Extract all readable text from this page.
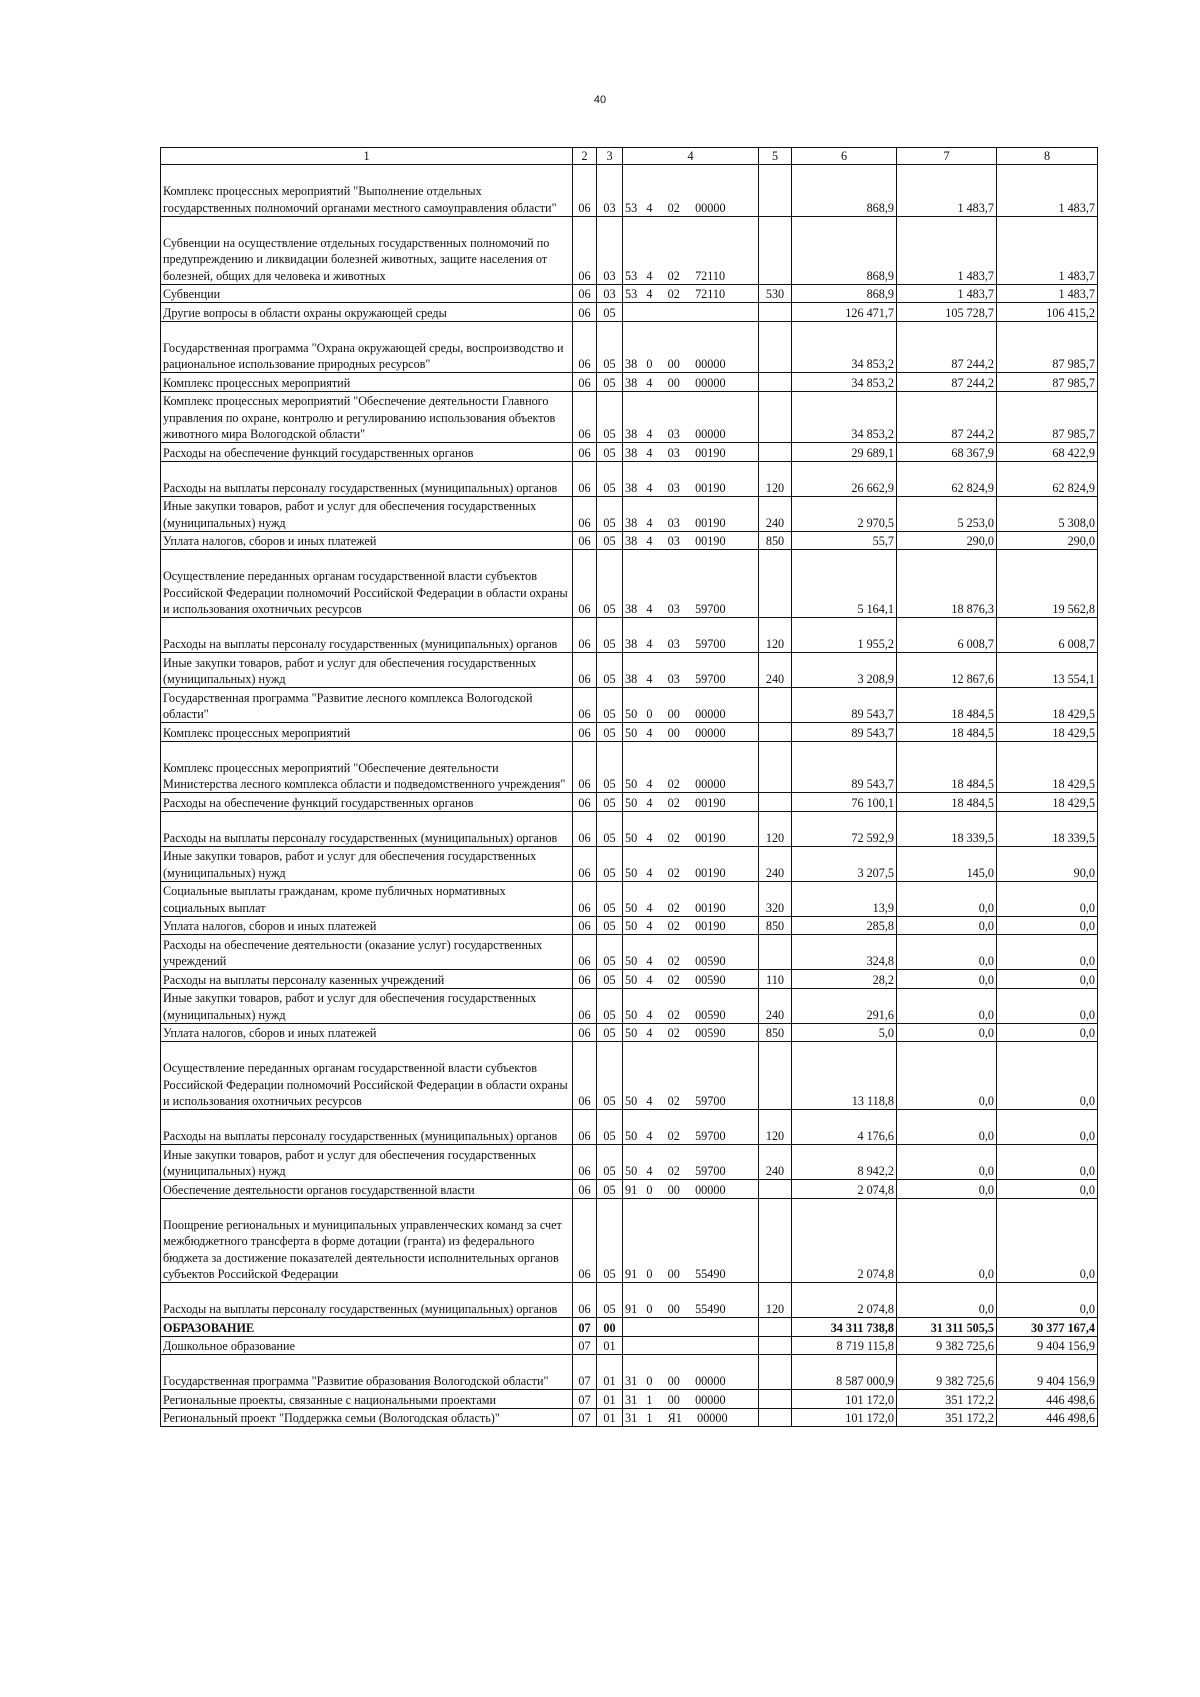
40
1	2	3	4	5	6	7	8
Комплекс процессных мероприятий "Выполнение отдельных государственных полномочий органами местного самоуправления области"	06	03	53   4     02     00000		868,9	1 483,7	1 483,7
Субвенции на осуществление отдельных государственных полномочий по предупреждению и ликвидации болезней животных, защите населения от болезней, общих для человека и животных	06	03	53   4     02     72110		868,9	1 483,7	1 483,7
Субвенции	06	03	53   4     02     72110	530	868,9	1 483,7	1 483,7
Другие вопросы в области охраны окружающей среды	06	05			126 471,7	105 728,7	106 415,2
Государственная программа "Охрана окружающей среды, воспроизводство и рациональное использование природных ресурсов"	06	05	38   0     00     00000		34 853,2	87 244,2	87 985,7
Комплекс процессных мероприятий	06	05	38   4     00     00000		34 853,2	87 244,2	87 985,7
Комплекс процессных мероприятий "Обеспечение деятельности Главного управления по охране, контролю и регулированию использования объектов животного мира Вологодской области"	06	05	38   4     03     00000		34 853,2	87 244,2	87 985,7
Расходы на обеспечение функций государственных органов	06	05	38   4     03     00190		29 689,1	68 367,9	68 422,9
Расходы на выплаты персоналу государственных (муниципальных) органов	06	05	38   4     03     00190	120	26 662,9	62 824,9	62 824,9
Иные закупки товаров, работ и услуг для обеспечения государственных (муниципальных) нужд	06	05	38   4     03     00190	240	2 970,5	5 253,0	5 308,0
Уплата налогов, сборов и иных платежей	06	05	38   4     03     00190	850	55,7	290,0	290,0
Осуществление переданных органам государственной власти субъектов Российской Федерации полномочий Российской Федерации в области охраны и использования охотничьих ресурсов	06	05	38   4     03     59700		5 164,1	18 876,3	19 562,8
Расходы на выплаты персоналу государственных (муниципальных) органов	06	05	38   4     03     59700	120	1 955,2	6 008,7	6 008,7
Иные закупки товаров, работ и услуг для обеспечения государственных (муниципальных) нужд	06	05	38   4     03     59700	240	3 208,9	12 867,6	13 554,1
Государственная программа "Развитие лесного комплекса Вологодской области"	06	05	50   0     00     00000		89 543,7	18 484,5	18 429,5
Комплекс процессных мероприятий	06	05	50   4     00     00000		89 543,7	18 484,5	18 429,5
Комплекс процессных мероприятий "Обеспечение деятельности Министерства лесного комплекса области и подведомственного учреждения"	06	05	50   4     02     00000		89 543,7	18 484,5	18 429,5
Расходы на обеспечение функций государственных органов	06	05	50   4     02     00190		76 100,1	18 484,5	18 429,5
Расходы на выплаты персоналу государственных (муниципальных) органов	06	05	50   4     02     00190	120	72 592,9	18 339,5	18 339,5
Иные закупки товаров, работ и услуг для обеспечения государственных (муниципальных) нужд	06	05	50   4     02     00190	240	3 207,5	145,0	90,0
Социальные выплаты гражданам, кроме публичных нормативных социальных выплат	06	05	50   4     02     00190	320	13,9	0,0	0,0
Уплата налогов, сборов и иных платежей	06	05	50   4     02     00190	850	285,8	0,0	0,0
Расходы на обеспечение деятельности (оказание услуг) государственных учреждений	06	05	50   4     02     00590		324,8	0,0	0,0
Расходы на выплаты персоналу казенных учреждений	06	05	50   4     02     00590	110	28,2	0,0	0,0
Иные закупки товаров, работ и услуг для обеспечения государственных (муниципальных) нужд	06	05	50   4     02     00590	240	291,6	0,0	0,0
Уплата налогов, сборов и иных платежей	06	05	50   4     02     00590	850	5,0	0,0	0,0
Осуществление переданных органам государственной власти субъектов Российской Федерации полномочий Российской Федерации в области охраны и использования охотничьих ресурсов	06	05	50   4     02     59700		13 118,8	0,0	0,0
Расходы на выплаты персоналу государственных (муниципальных) органов	06	05	50   4     02     59700	120	4 176,6	0,0	0,0
Иные закупки товаров, работ и услуг для обеспечения государственных (муниципальных) нужд	06	05	50   4     02     59700	240	8 942,2	0,0	0,0
Обеспечение деятельности органов государственной власти	06	05	91   0     00     00000		2 074,8	0,0	0,0
Поощрение региональных и муниципальных управленческих команд за счет межбюджетного трансферта в форме дотации (гранта) из федерального бюджета за достижение показателей деятельности исполнительных органов субъектов Российской Федерации	06	05	91   0     00     55490		2 074,8	0,0	0,0
Расходы на выплаты персоналу государственных (муниципальных) органов	06	05	91   0     00     55490	120	2 074,8	0,0	0,0
ОБРАЗОВАНИЕ	07	00			34 311 738,8	31 311 505,5	30 377 167,4
Дошкольное образование	07	01			8 719 115,8	9 382 725,6	9 404 156,9
Государственная программа "Развитие образования Вологодской области"	07	01	31   0     00     00000		8 587 000,9	9 382 725,6	9 404 156,9
Региональные проекты, связанные с национальными проектами	07	01	31   1     00     00000		101 172,0	351 172,2	446 498,6
Региональный проект "Поддержка семьи (Вологодская область)"	07	01	31   1     Я1     00000		101 172,0	351 172,2	446 498,6
